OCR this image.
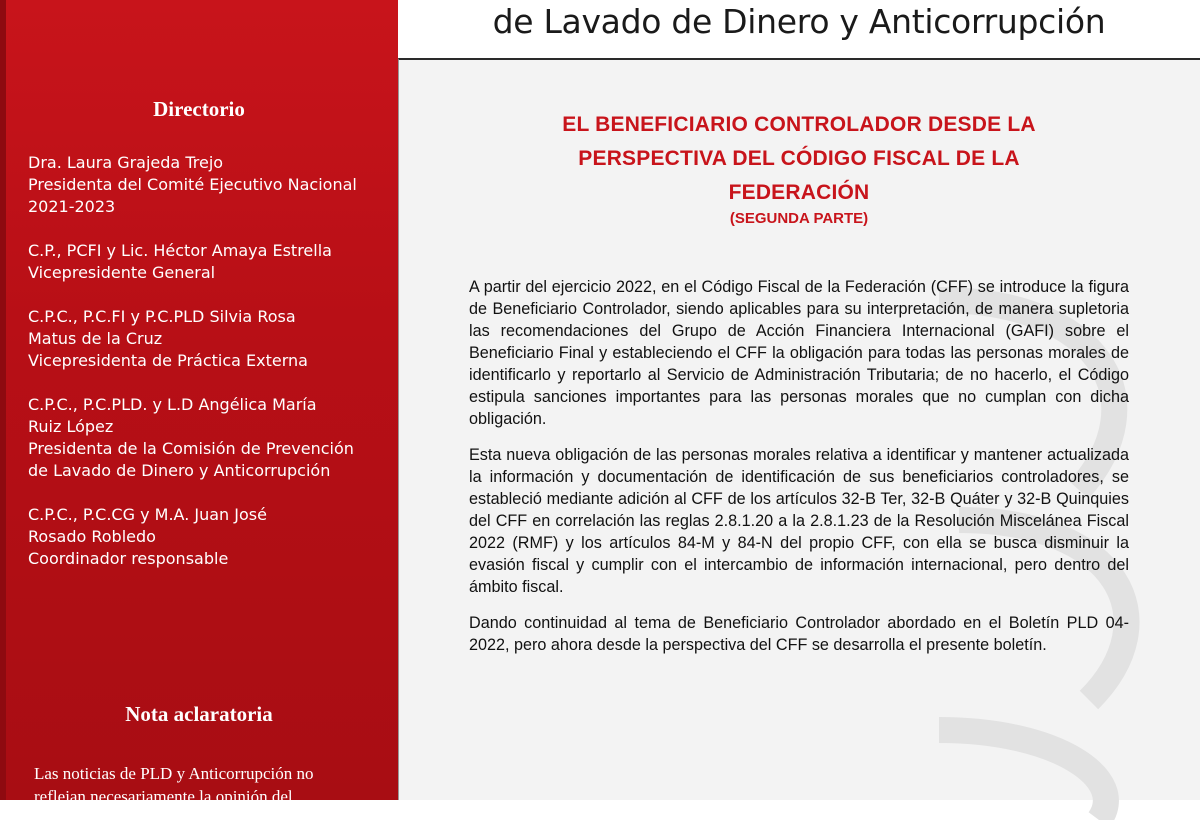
de Lavado de Dinero y Anticorrupción
Directorio
Dra. Laura Grajeda Trejo
Presidenta del Comité Ejecutivo Nacional
2021-2023
C.P., PCFI y Lic. Héctor Amaya Estrella
Vicepresidente General
C.P.C., P.C.FI y P.C.PLD Silvia Rosa
Matus de la Cruz
Vicepresidenta de Práctica Externa
C.P.C., P.C.PLD. y L.D Angélica María
Ruiz López
Presidenta de la Comisión de Prevención
de Lavado de Dinero y Anticorrupción
C.P.C., P.C.CG y M.A. Juan José
Rosado Robledo
Coordinador responsable
Nota aclaratoria
Las noticias de PLD y Anticorrupción no
reflejan necesariamente la opinión del
EL BENEFICIARIO CONTROLADOR DESDE LA
PERSPECTIVA DEL CÓDIGO FISCAL DE LA
FEDERACIÓN
(SEGUNDA PARTE)

A partir del ejercicio 2022, en el Código Fiscal de la Federación (CFF) se introduce la figura de Beneficiario Controlador, siendo aplicables para su interpretación, de manera supletoria las recomendaciones del Grupo de Acción Financiera Internacional (GAFI) sobre el Beneficiario Final y estableciendo el CFF la obligación para todas las personas morales de identificarlo y reportarlo al Servicio de Administración Tributaria; de no hacerlo, el Código estipula sanciones importantes para las personas morales que no cumplan con dicha obligación.

Esta nueva obligación de las personas morales relativa a identificar y mantener actualizada la información y documentación de identificación de sus beneficiarios controladores, se estableció mediante adición al CFF de los artículos 32-B Ter, 32-B Quáter y 32-B Quinquies del CFF en correlación las reglas 2.8.1.20 a la 2.8.1.23 de la Resolución Miscelánea Fiscal 2022 (RMF) y los artículos 84-M y 84-N del propio CFF, con ella se busca disminuir la evasión fiscal y cumplir con el intercambio de información internacional, pero dentro del ámbito fiscal.

Dando continuidad al tema de Beneficiario Controlador abordado en el Boletín PLD 04-2022, pero ahora desde la perspectiva del CFF se desarrolla el presente boletín.
